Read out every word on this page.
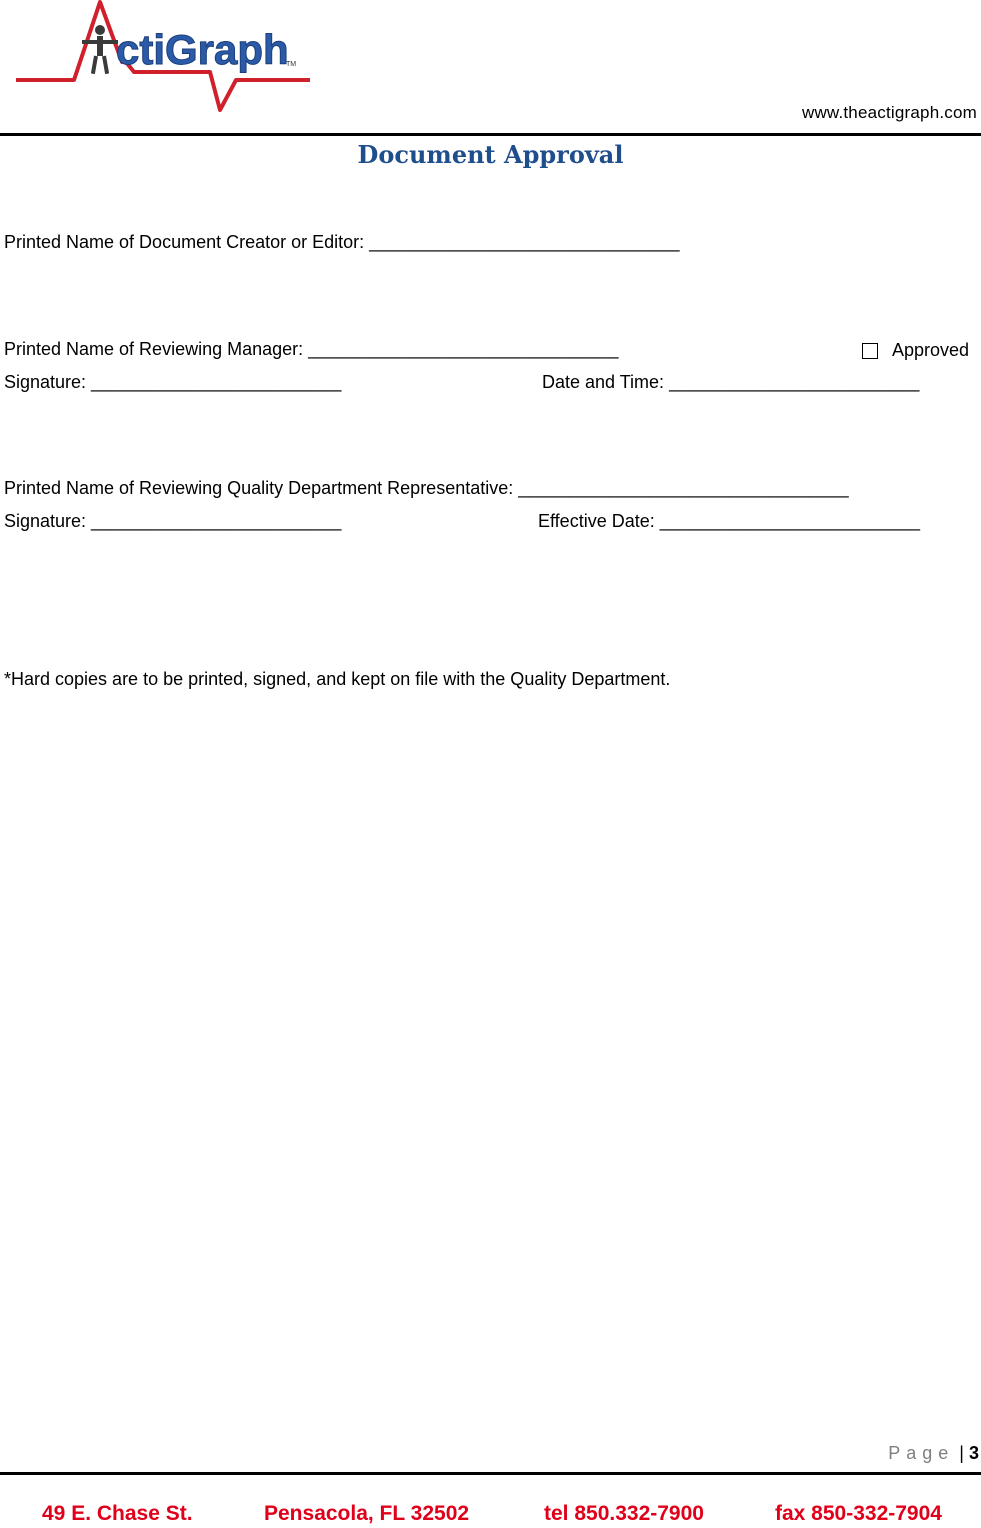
ctiGraph
TM
www.theactigraph.com
Document Approval
Printed Name of Document Creator or Editor: _______________________________
Printed Name of Reviewing Manager: _______________________________	Approved
Signature: _________________________	Date and Time: _________________________
Printed Name of Reviewing Quality Department Representative: _________________________________
Signature: _________________________	Effective Date: __________________________
*Hard copies are to be printed, signed, and kept on file with the Quality Department.
Page | 3
49 E. Chase St.	Pensacola, FL 32502	tel 850.332-7900	fax 850-332-7904
